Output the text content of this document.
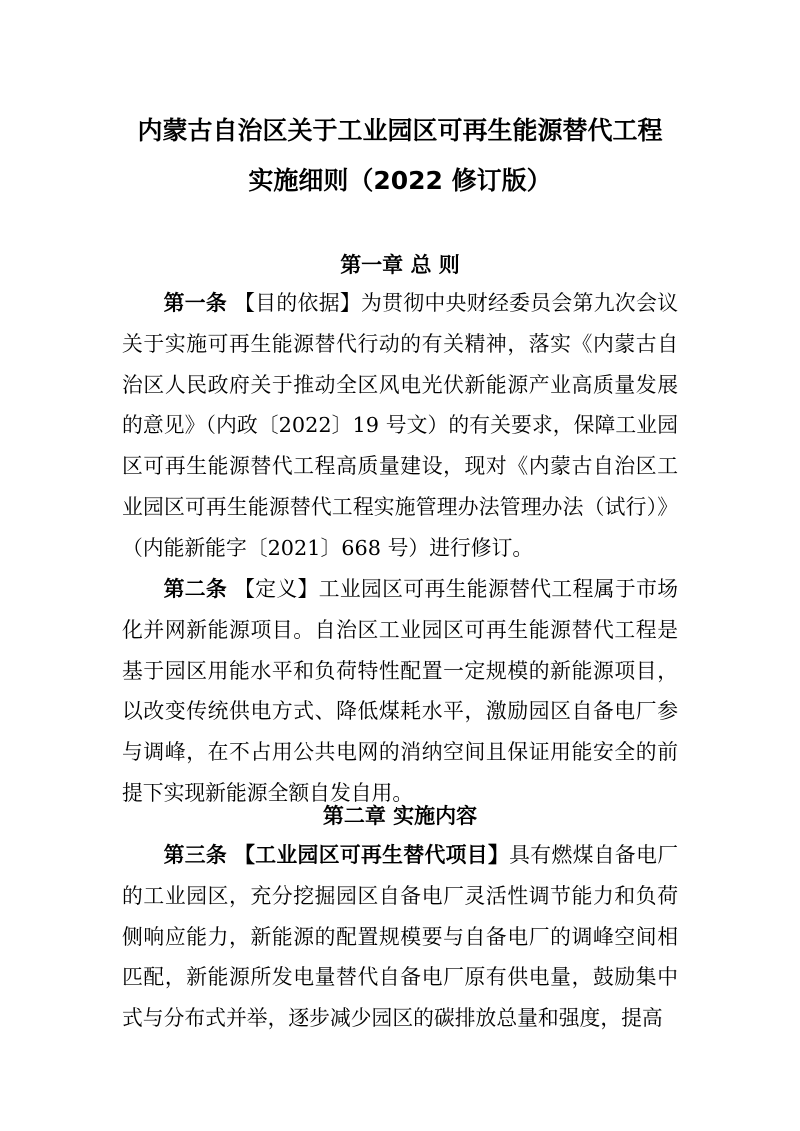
内蒙古自治区关于工业园区可再生能源替代工程
实施细则（2022 修订版）
第一章 总 则

第一条 【目的依据】为贯彻中央财经委员会第九次会议关于实施可再生能源替代行动的有关精神，落实《内蒙古自治区人民政府关于推动全区风电光伏新能源产业高质量发展的意见》（内政〔2022〕19 号文）的有关要求，保障工业园区可再生能源替代工程高质量建设，现对《内蒙古自治区工业园区可再生能源替代工程实施管理办法管理办法（试行）》（内能新能字〔2021〕668 号）进行修订。

第二条 【定义】工业园区可再生能源替代工程属于市场化并网新能源项目。自治区工业园区可再生能源替代工程是基于园区用能水平和负荷特性配置一定规模的新能源项目，以改变传统供电方式、降低煤耗水平，激励园区自备电厂参与调峰，在不占用公共电网的消纳空间且保证用能安全的前提下实现新能源全额自发自用。

第二章 实施内容

第三条 【工业园区可再生替代项目】具有燃煤自备电厂的工业园区，充分挖掘园区自备电厂灵活性调节能力和负荷侧响应能力，新能源的配置规模要与自备电厂的调峰空间相匹配，新能源所发电量替代自备电厂原有供电量，鼓励集中式与分布式并举，逐步减少园区的碳排放总量和强度，提高
